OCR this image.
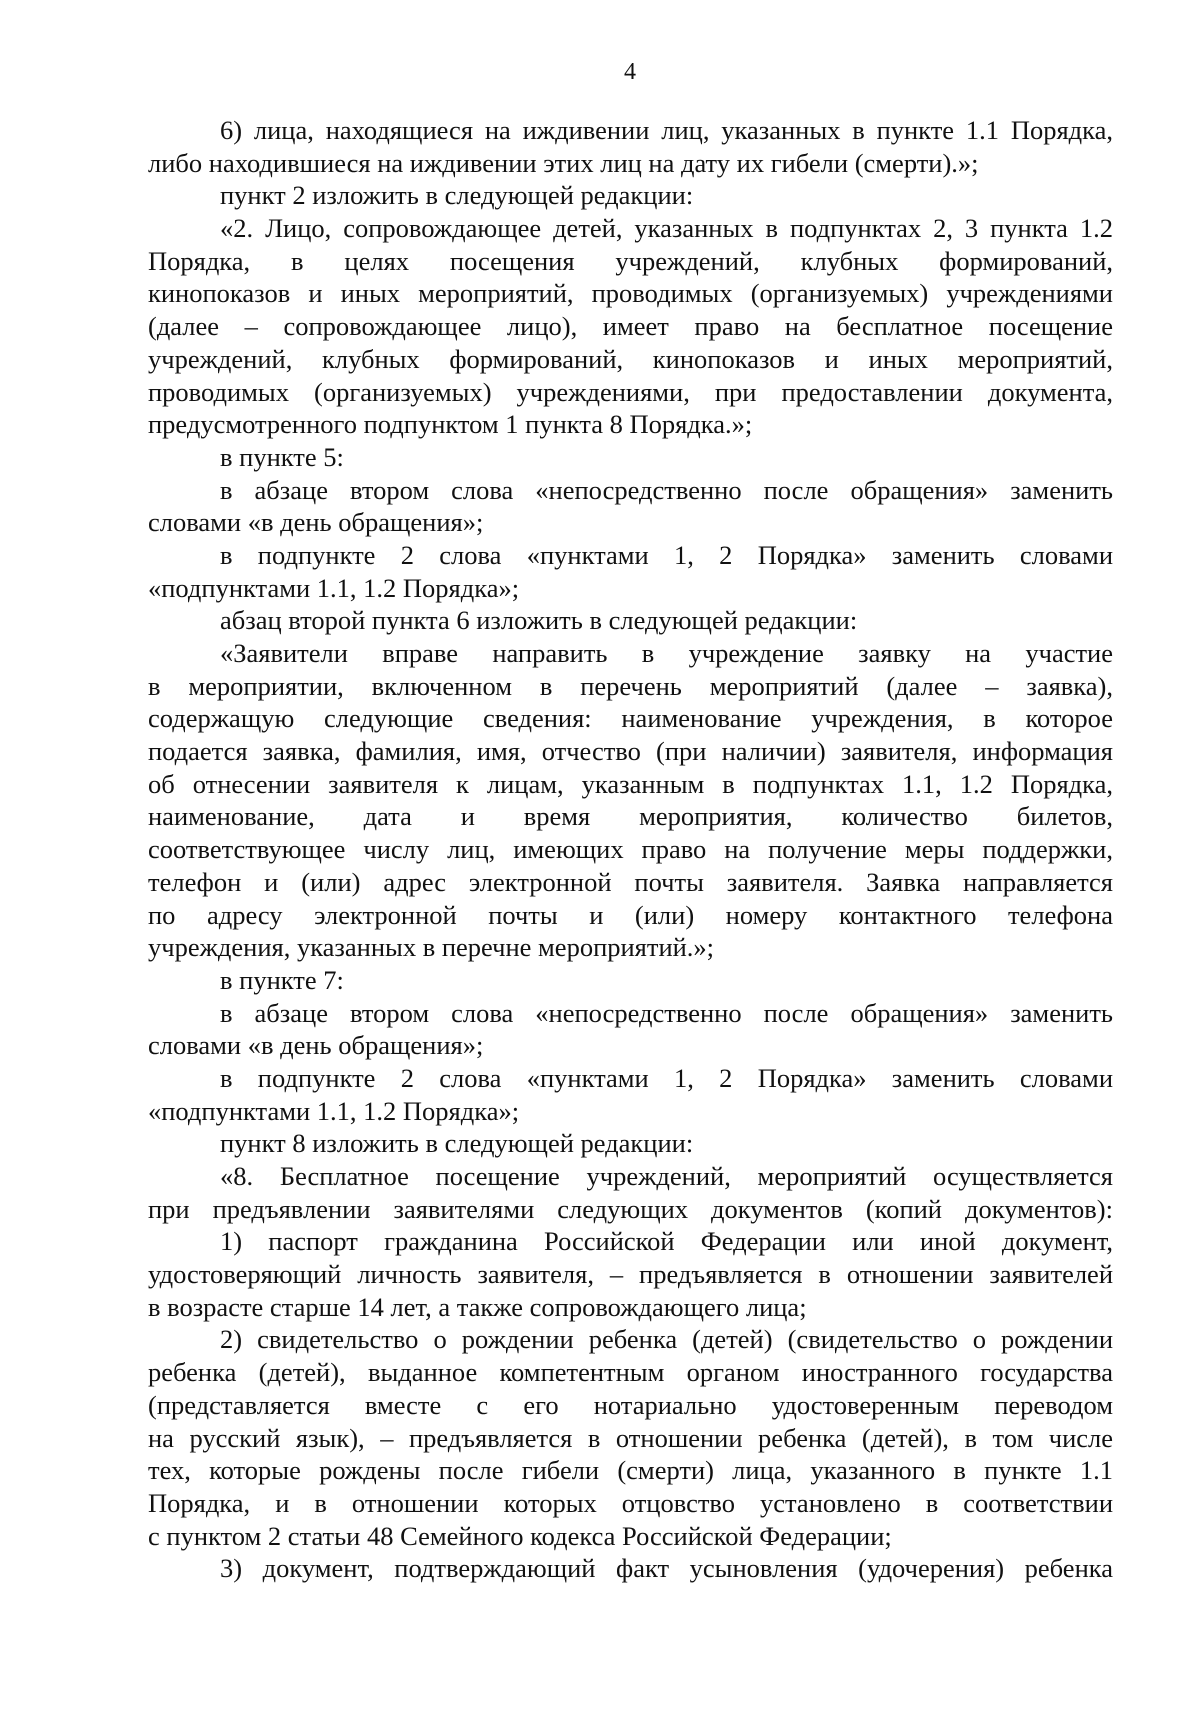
4
6) лица, находящиеся на иждивении лиц, указанных в пункте 1.1 Порядка,
либо находившиеся на иждивении этих лиц на дату их гибели (смерти).»;
пункт 2 изложить в следующей редакции:
«2. Лицо, сопровождающее детей, указанных в подпунктах 2, 3 пункта 1.2
Порядка, в целях посещения учреждений, клубных формирований,
кинопоказов и иных мероприятий, проводимых (организуемых) учреждениями
(далее – сопровождающее лицо), имеет право на бесплатное посещение
учреждений, клубных формирований, кинопоказов и иных мероприятий,
проводимых (организуемых) учреждениями, при предоставлении документа,
предусмотренного подпунктом 1 пункта 8 Порядка.»;
в пункте 5:
в абзаце втором слова «непосредственно после обращения» заменить
словами «в день обращения»;
в подпункте 2 слова «пунктами 1, 2 Порядка» заменить словами
«подпунктами 1.1, 1.2 Порядка»;
абзац второй пункта 6 изложить в следующей редакции:
«Заявители вправе направить в учреждение заявку на участие
в мероприятии, включенном в перечень мероприятий (далее – заявка),
содержащую следующие сведения: наименование учреждения, в которое
подается заявка, фамилия, имя, отчество (при наличии) заявителя, информация
об отнесении заявителя к лицам, указанным в подпунктах 1.1, 1.2 Порядка,
наименование, дата и время мероприятия, количество билетов,
соответствующее числу лиц, имеющих право на получение меры поддержки,
телефон и (или) адрес электронной почты заявителя. Заявка направляется
по адресу электронной почты и (или) номеру контактного телефона
учреждения, указанных в перечне мероприятий.»;
в пункте 7:
в абзаце втором слова «непосредственно после обращения» заменить
словами «в день обращения»;
в подпункте 2 слова «пунктами 1, 2 Порядка» заменить словами
«подпунктами 1.1, 1.2 Порядка»;
пункт 8 изложить в следующей редакции:
«8. Бесплатное посещение учреждений, мероприятий осуществляется
при предъявлении заявителями следующих документов (копий документов):
1) паспорт гражданина Российской Федерации или иной документ,
удостоверяющий личность заявителя, – предъявляется в отношении заявителей
в возрасте старше 14 лет, а также сопровождающего лица;
2) свидетельство о рождении ребенка (детей) (свидетельство о рождении
ребенка (детей), выданное компетентным органом иностранного государства
(представляется вместе с его нотариально удостоверенным переводом
на русский язык), – предъявляется в отношении ребенка (детей), в том числе
тех, которые рождены после гибели (смерти) лица, указанного в пункте 1.1
Порядка, и в отношении которых отцовство установлено в соответствии
с пунктом 2 статьи 48 Семейного кодекса Российской Федерации;
3) документ, подтверждающий факт усыновления (удочерения) ребенка
